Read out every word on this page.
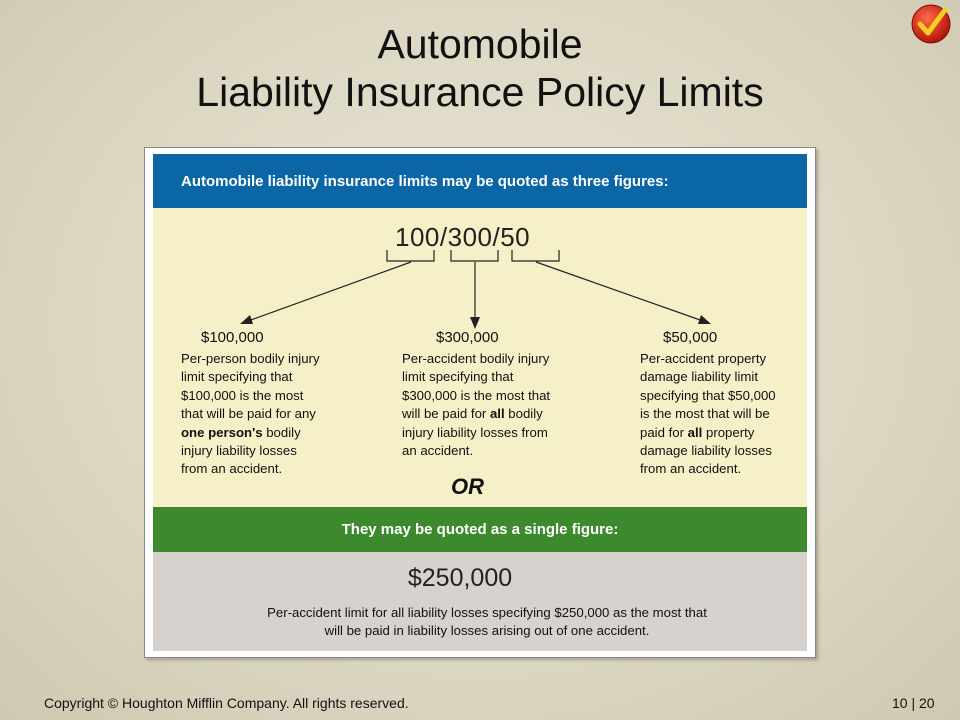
Automobile
Liability Insurance Policy Limits
Automobile liability insurance limits may be quoted as three figures:
100/300/50
$100,000
Per-person bodily injury
limit specifying that
$100,000 is the most
that will be paid for any
one person's bodily
injury liability losses
from an accident.
$300,000
Per-accident bodily injury
limit specifying that
$300,000 is the most that
will be paid for all bodily
injury liability losses from
an accident.
$50,000
Per-accident property
damage liability limit
specifying that $50,000
is the most that will be
paid for all property
damage liability losses
from an accident.
OR
They may be quoted as a single figure:
$250,000
Per-accident limit for all liability losses specifying $250,000 as the most that will be paid in liability losses arising out of one accident.
Copyright © Houghton Mifflin Company. All rights reserved.	10 | 20
